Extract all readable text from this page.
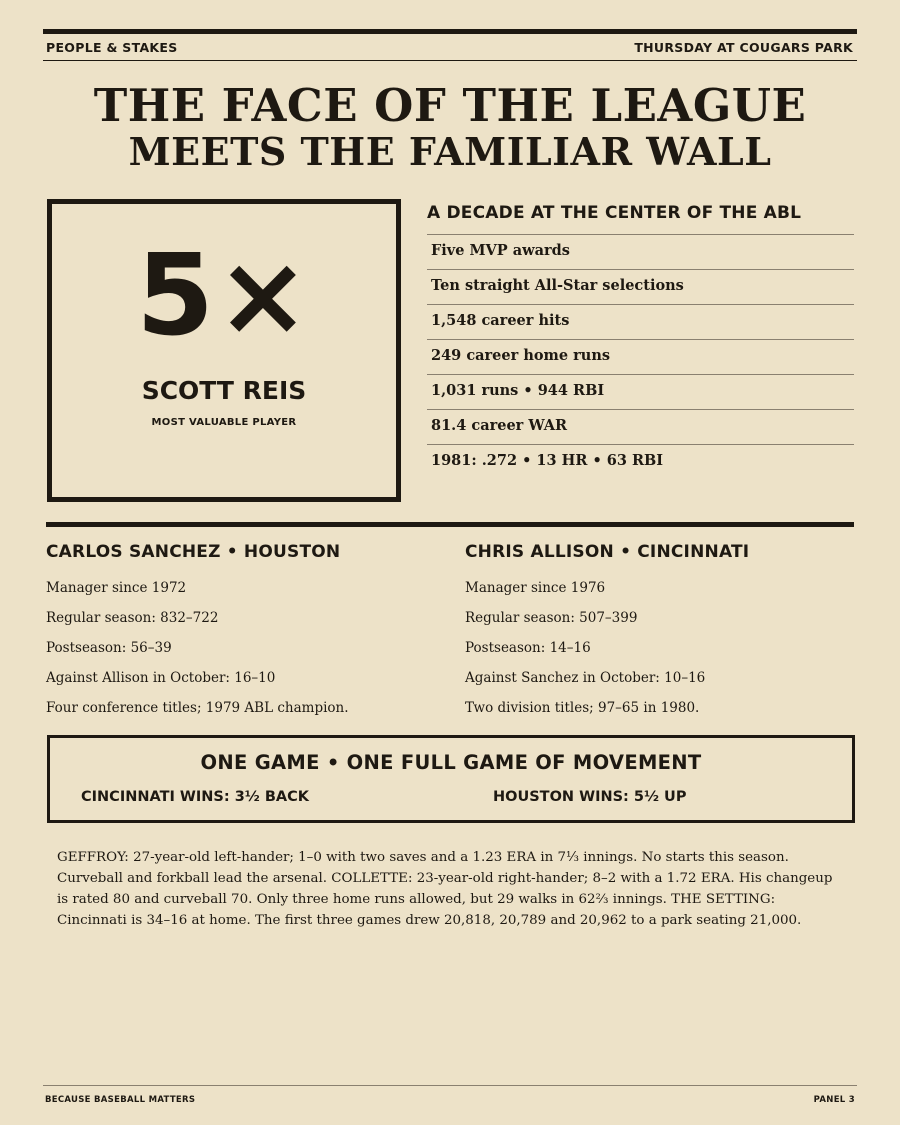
PEOPLE & STAKES	THURSDAY AT COUGARS PARK
THE FACE OF THE LEAGUE
MEETS THE FAMILIAR WALL
5×
SCOTT REIS
MOST VALUABLE PLAYER
A DECADE AT THE CENTER OF THE ABL
Five MVP awards
Ten straight All-Star selections
1,548 career hits
249 career home runs
1,031 runs • 944 RBI
81.4 career WAR
1981: .272 • 13 HR • 63 RBI
CARLOS SANCHEZ • HOUSTON
Manager since 1972
Regular season: 832–722
Postseason: 56–39
Against Allison in October: 16–10
Four conference titles; 1979 ABL champion.
CHRIS ALLISON • CINCINNATI
Manager since 1976
Regular season: 507–399
Postseason: 14–16
Against Sanchez in October: 10–16
Two division titles; 97–65 in 1980.
ONE GAME • ONE FULL GAME OF MOVEMENT
CINCINNATI WINS: 3½ BACK	HOUSTON WINS: 5½ UP
GEFFROY: 27-year-old left-hander; 1–0 with two saves and a 1.23 ERA in 7⅓ innings. No starts this season. Curveball and forkball lead the arsenal. COLLETTE: 23-year-old right-hander; 8–2 with a 1.72 ERA. His changeup is rated 80 and curveball 70. Only three home runs allowed, but 29 walks in 62⅔ innings. THE SETTING: Cincinnati is 34–16 at home. The first three games drew 20,818, 20,789 and 20,962 to a park seating 21,000.
BECAUSE BASEBALL MATTERS	PANEL 3
